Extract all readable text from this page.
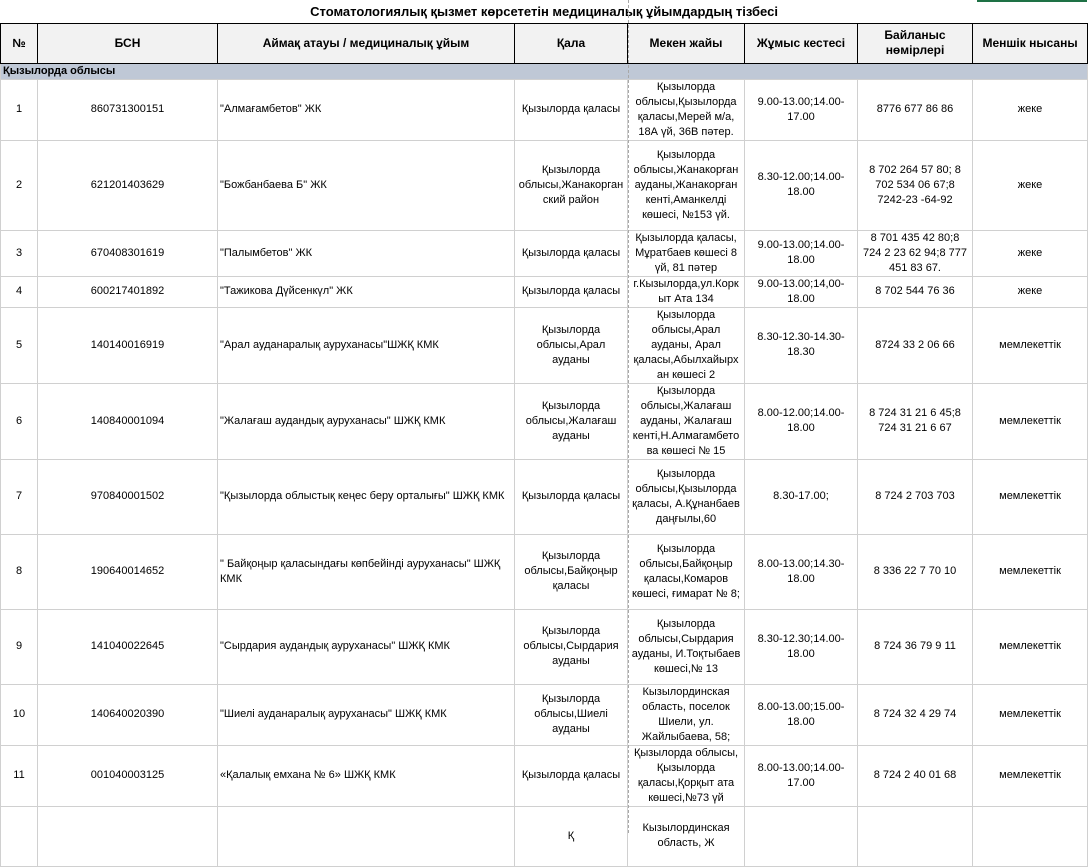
Стоматологиялық қызмет көрсететін медициналық ұйымдардың тізбесі							
№	БСН	Аймақ атауы / медициналық ұйым	Қала	Мекен жайы	Жұмыс кестесі	Байланыс нөмірлері	Меншік нысаны
Қызылорда облысы							
1	860731300151	"Алмағамбетов" ЖК	Қызылорда қаласы	Қызылорда облысы,Қызылорда қаласы,Мерей м/а, 18А үй, 36В пәтер.	9.00-13.00;14.00-17.00	8776 677 86 86	жеке
2	621201403629	"Божбанбаева Б" ЖК	Қызылорда облысы,Жанакорган ский район	Қызылорда облысы,Жанакорған ауданы,Жанакорған кенті,Аманкелді көшесі, №153 үй.	8.30-12.00;14.00-18.00	8 702 264 57 80; 8 702 534 06 67;8 7242-23 -64-92	жеке
3	670408301619	"Палымбетов" ЖК	Қызылорда қаласы	Қызылорда қаласы, Мұратбаев көшесі 8 үй, 81 пәтер	9.00-13.00;14.00-18.00	8 701 435 42 80;8 724 2 23 62 94;8 777 451 83 67.	жеке
4	600217401892	"Тажикова Дүйсенкүл" ЖК	Қызылорда қаласы	г.Кызылорда,ул.Корк ыт Ата 134	9.00-13.00;14,00-18.00	8 702 544 76 36	жеке
5	140140016919	"Арал ауданаралық ауруханасы"ШЖҚ КМК	Қызылорда облысы,Арал ауданы	Қызылорда облысы,Арал ауданы, Арал қаласы,Абылхайырх ан көшесі 2	8.30-12.30-14.30-18.30	8724 33 2 06 66	мемлекеттік
6	140840001094	"Жалағаш аудандық ауруханасы" ШЖҚ КМК	Қызылорда облысы,Жалағаш ауданы	Қызылорда облысы,Жалағаш ауданы, Жалағаш кенті,Н.Алмагамбето ва көшесі № 15	8.00-12.00;14.00-18.00	8 724 31 21 6 45;8 724 31 21 6 67	мемлекеттік
7	970840001502	"Қызылорда облыстық кеңес беру орталығы" ШЖҚ КМК	Қызылорда қаласы	Қызылорда облысы,Қызылорда қаласы, А.Құнанбаев даңғылы,60	8.30-17.00;	8 724 2 703 703	мемлекеттік
8	190640014652	" Байқоңыр қаласындағы көпбейінді ауруханасы" ШЖҚ КМК	Қызылорда облысы,Байқоңыр қаласы	Қызылорда облысы,Байқоңыр қаласы,Комаров көшесі, ғимарат № 8;	8.00-13.00;14.30-18.00	8 336 22 7 70 10	мемлекеттік
9	141040022645	"Сырдария аудандық ауруханасы" ШЖҚ КМК	Қызылорда облысы,Сырдария ауданы	Қызылорда облысы,Сырдария ауданы, И.Тоқтыбаев көшесі,№ 13	8.30-12.30;14.00-18.00	8 724 36 79 9 11	мемлекеттік
10	140640020390	"Шиелі ауданаралық ауруханасы" ШЖҚ КМК	Қызылорда облысы,Шиелі ауданы	Кызылординская область, поселок Шиели, ул. Жайлыбаева, 58;	8.00-13.00;15.00-18.00	8 724 32 4 29 74	мемлекеттік
11	001040003125	«Қалалық емхана № 6» ШЖҚ КМК	Қызылорда қаласы	Қызылорда облысы, Қызылорда қаласы,Қорқыт ата көшесі,№73 үй	8.00-13.00;14.00-17.00	8 724 2 40 01 68	мемлекеттік
			Қ	Кызылординская область, Ж			
